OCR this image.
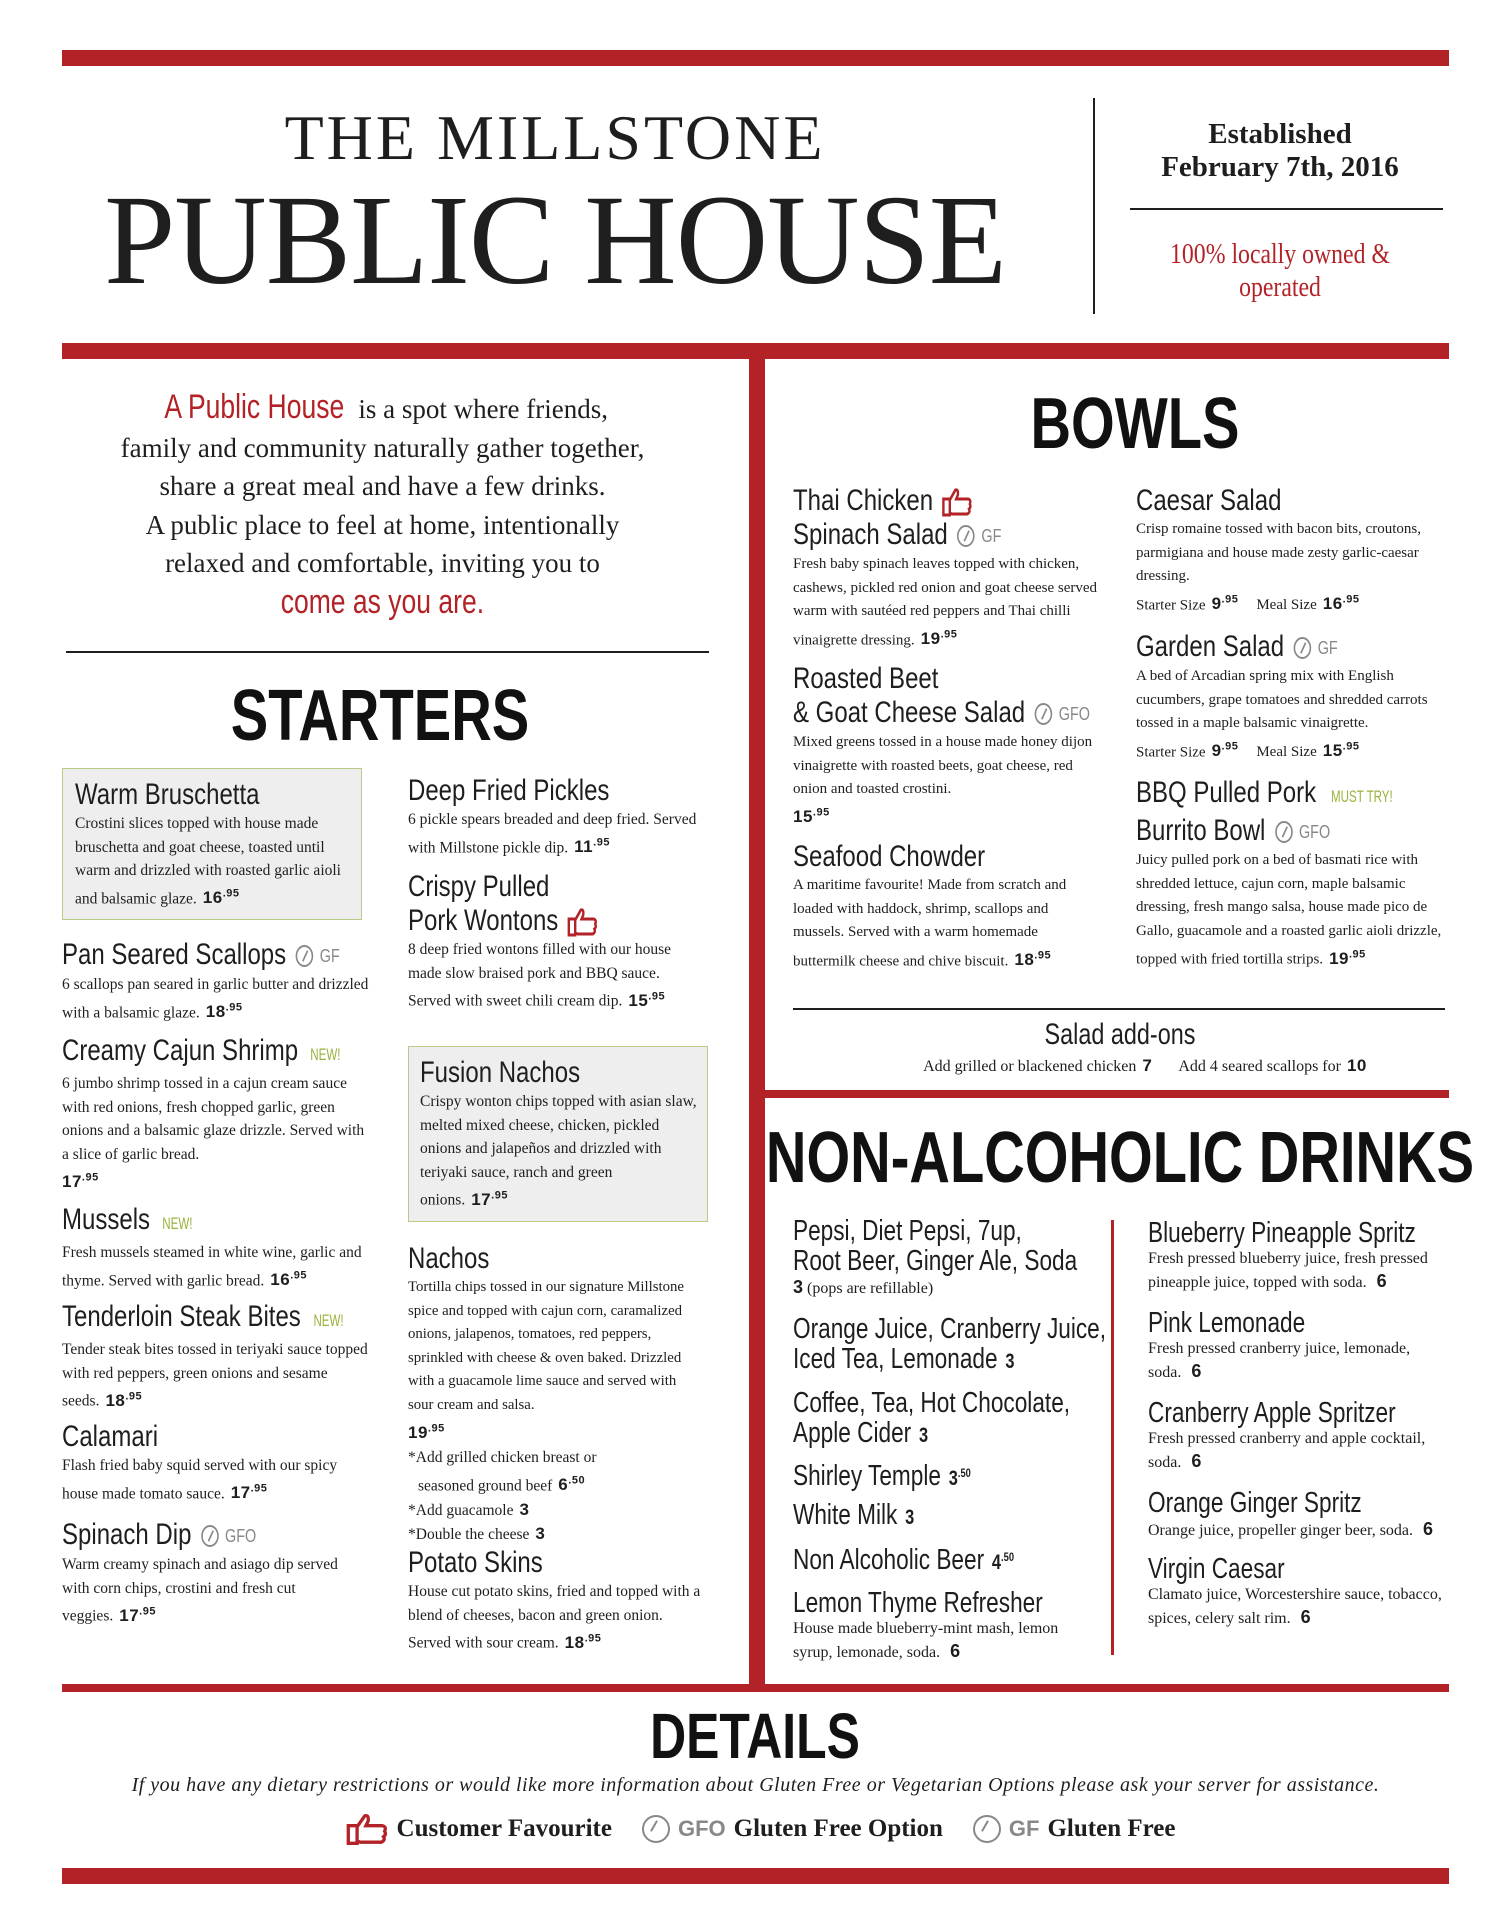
THE MILLSTONE
PUBLIC HOUSE
Established
February 7th, 2016
100% locally owned & operated
A Public House is a spot where friends,
family and community naturally gather together,
share a great meal and have a few drinks.
A public place to feel at home, intentionally
relaxed and comfortable, inviting you to
come as you are.
STARTERS
Warm Bruschetta
Crostini slices topped with house made bruschetta and goat cheese, toasted until warm and drizzled with roasted garlic aioli and balsamic glaze. $16^{.95}$
Pan Seared Scallops GF
6 scallops pan seared in garlic butter and drizzled with a balsamic glaze. $18^{.95}$
Creamy Cajun Shrimp NEW!
6 jumbo shrimp tossed in a cajun cream sauce with red onions, fresh chopped garlic, green onions and a balsamic glaze drizzle. Served with a slice of garlic bread.
$17^{.95}$
Mussels NEW!
Fresh mussels steamed in white wine, garlic and thyme. Served with garlic bread. $16^{.95}$
Tenderloin Steak Bites NEW!
Tender steak bites tossed in teriyaki sauce topped with red peppers, green onions and sesame seeds. $18^{.95}$
Calamari
Flash fried baby squid served with our spicy house made tomato sauce. $17^{.95}$
Spinach Dip GFO
Warm creamy spinach and asiago dip served with corn chips, crostini and fresh cut veggies. $17^{.95}$
Deep Fried Pickles
6 pickle spears breaded and deep fried. Served with Millstone pickle dip. $11^{.95}$
Crispy Pulled
Pork Wontons
8 deep fried wontons filled with our house made slow braised pork and BBQ sauce. Served with sweet chili cream dip. $15^{.95}$
Fusion Nachos
Crispy wonton chips topped with asian slaw, melted mixed cheese, chicken, pickled onions and jalapeños and drizzled with teriyaki sauce, ranch and green onions. $17^{.95}$
Nachos
Tortilla chips tossed in our signature Millstone spice and topped with cajun corn, caramalized onions, jalapenos, tomatoes, red peppers, sprinkled with cheese & oven baked. Drizzled with a guacamole lime sauce and served with sour cream and salsa.
$19^{.95}$
*Add grilled chicken breast or
seasoned ground beef $6^{.50}$
*Add guacamole 3
*Double the cheese 3
Potato Skins
House cut potato skins, fried and topped with a blend of cheeses, bacon and green onion. Served with sour cream. $18^{.95}$
BOWLS
Thai Chicken
Spinach Salad GF
Fresh baby spinach leaves topped with chicken, cashews, pickled red onion and goat cheese served warm with sautéed red peppers and Thai chilli vinaigrette dressing. $19^{.95}$
Roasted Beet
& Goat Cheese Salad GFO
Mixed greens tossed in a house made honey dijon vinaigrette with roasted beets, goat cheese, red onion and toasted crostini.
$15^{.95}$
Seafood Chowder
A maritime favourite! Made from scratch and loaded with haddock, shrimp, scallops and mussels. Served with a warm homemade buttermilk cheese and chive biscuit. $18^{.95}$
Caesar Salad
Crisp romaine tossed with bacon bits, croutons, parmigiana and house made zesty garlic-caesar dressing.
Starter Size $9^{.95}$ Meal Size $16^{.95}$
Garden Salad GF
A bed of Arcadian spring mix with English cucumbers, grape tomatoes and shredded carrots tossed in a maple balsamic vinaigrette.
Starter Size $9^{.95}$ Meal Size $15^{.95}$
BBQ Pulled Pork MUST TRY!
Burrito Bowl GFO
Juicy pulled pork on a bed of basmati rice with shredded lettuce, cajun corn, maple balsamic dressing, fresh mango salsa, house made pico de Gallo, guacamole and a roasted garlic aioli drizzle, topped with fried tortilla strips. $19^{.95}$
Salad add-ons
Add grilled or blackened chicken 7 Add 4 seared scallops for 10
NON-ALCOHOLIC DRINKS
Pepsi, Diet Pepsi, 7up,
Root Beer, Ginger Ale, Soda
3 (pops are refillable)
Orange Juice, Cranberry Juice,
Iced Tea, Lemonade 3
Coffee, Tea, Hot Chocolate,
Apple Cider 3
Shirley Temple $3^{.50}$
White Milk 3
Non Alcoholic Beer $4^{.50}$
Lemon Thyme Refresher
House made blueberry-mint mash, lemon syrup, lemonade, soda. 6
Blueberry Pineapple Spritz
Fresh pressed blueberry juice, fresh pressed pineapple juice, topped with soda. 6
Pink Lemonade
Fresh pressed cranberry juice, lemonade, soda. 6
Cranberry Apple Spritzer
Fresh pressed cranberry and apple cocktail, soda. 6
Orange Ginger Spritz
Orange juice, propeller ginger beer, soda. 6
Virgin Caesar
Clamato juice, Worcestershire sauce, tobacco, spices, celery salt rim. 6
DETAILS
If you have any dietary restrictions or would like more information about Gluten Free or Vegetarian Options please ask your server for assistance.
Customer Favourite	GFO Gluten Free Option	GF Gluten Free
